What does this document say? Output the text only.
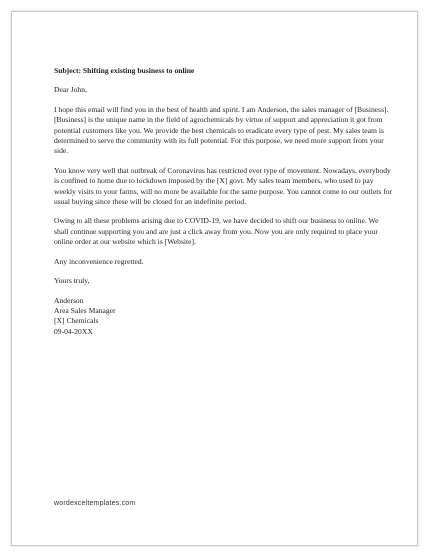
Subject: Shifting existing business to online

Dear John,

I hope this email will find you in the best of health and spirit. I am Anderson, the sales manager of [Business]. [Business] is the unique name in the field of agrochemicals by virtue of support and appreciation it got from potential customers like you. We provide the best chemicals to eradicate every type of pest. My sales team is determined to serve the community with its full potential. For this purpose, we need more support from your side.

You know very well that outbreak of Coronavirus has restricted ever type of movement. Nowadays, everybody is confined to home due to lockdown imposed by the [X] govt. My sales team members, who used to pay weekly visits to your farms, will no more be available for the same purpose. You cannot come to our outlets for usual buying since these will be closed for an indefinite period.

Owing to all these problems arising due to COVID-19, we have decided to shift our business to online. We shall continue supporting you and are just a click away from you. Now you are only required to place your online order at our website which is [Website].

Any inconvenience regretted.

Yours truly,

Anderson
Area Sales Manager
[X] Chemicals
09-04-20XX
wordexceltemplates.com
